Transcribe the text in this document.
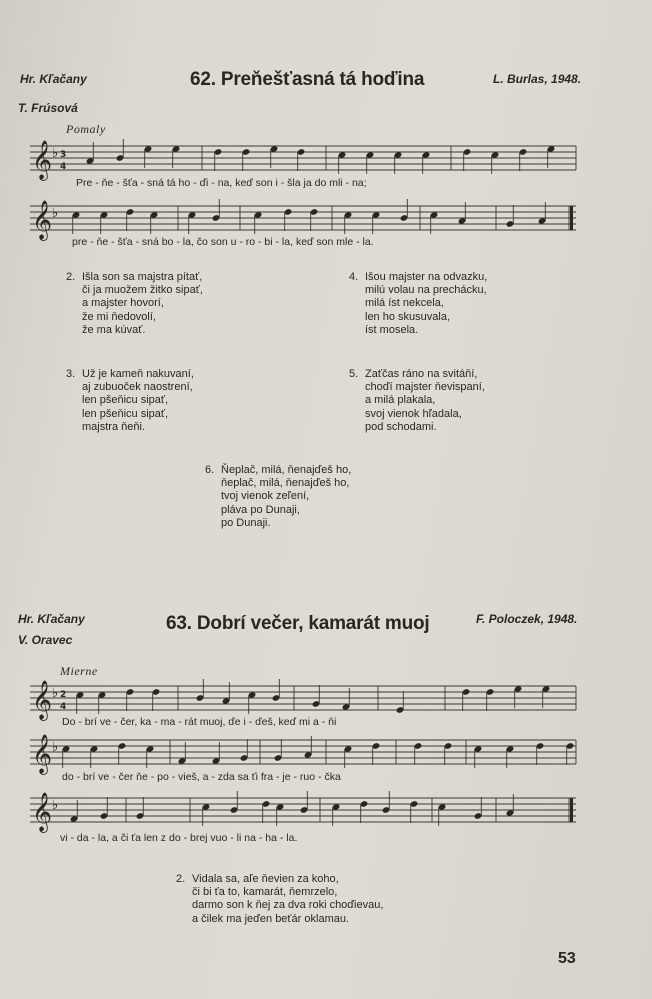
Hr. Kľačany
T. Frúsová
62. Preňešťasná tá hoďina	L. Burlas, 1948.
Pomaly
𝄞 ♭ 3
4
Pre - ňe - šťa - sná tá ho - ďi - na, keď son i - šla ja do mli - na;
𝄞 ♭
pre - ňe - šťa - sná bo - la, čo son u - ro - bi - la, keď son mle - la.
2. Išla son sa majstra pítať,
či ja muožem žitko sipať,
a majster hovorí,
že mi ňedovolí,
že ma kúvať.
4. Išou majster na odvazku,
milú volau na prechácku,
milá íst nekcela,
len ho skusuvala,
íst mosela.
3. Už je kameň nakuvaní,
aj zubuoček naostrení,
len pšeňicu sipať,
len pšeňicu sipať,
majstra ňeňi.
5. Zaťčas ráno na svitáňí,
choďí majster ňevispaní,
a milá plakala,
svoj vienok hľadala,
pod schodami.
6. Ňeplač, milá, ňenajďeš ho,
ňeplač, milá, ňenajďeš ho,
tvoj vienok zeľení,
pláva po Dunaji,
po Dunaji.
Hr. Kľačany
V. Oravec
63. Dobrí večer, kamarát muoj	F. Poloczek, 1948.
Mierne
𝄞 ♭ 2
4
Do - brí ve - čer, ka - ma - rát muoj, ďe i - ďeš, keď mi a - ňi
𝄞 ♭
do - brí ve - čer ňe - po - vieš, a - zda sa ťi fra - je - ruo - čka
𝄞 ♭
vi - da - la, a či ťa len z do - brej vuo - li na - ha - la.
2. Vidala sa, aľe ňevien za koho,
či bi ťa to, kamarát, ňemrzelo,
darmo son k ňej za dva roki choďievau,
a čilek ma jeďen beťár oklamau.
53
